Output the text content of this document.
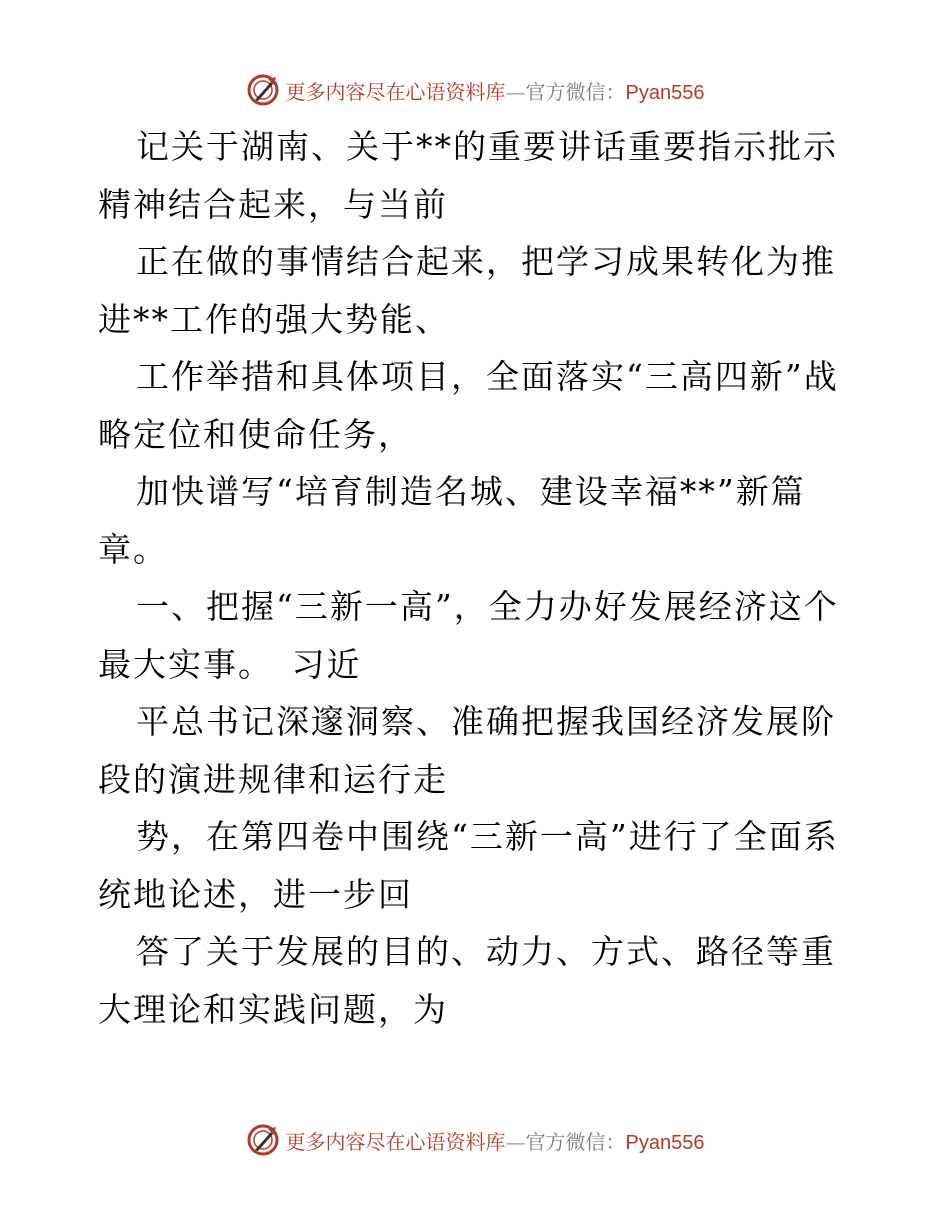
更多内容尽在心语资料库 — 官方微信： Pyan556

记关于湖南、关于**的重要讲话重要指示批示精神结合起来，与当前

正在做的事情结合起来，把学习成果转化为推进**工作的强大势能、

工作举措和具体项目，全面落实“三高四新”战略定位和使命任务，

加快谱写“培育制造名城、建设幸福**”新篇章。

一、把握“三新一高”，全力办好发展经济这个最大实事。　习近

平总书记深邃洞察、准确把握我国经济发展阶段的演进规律和运行走

势，在第四卷中围绕“三新一高”进行了全面系统地论述，进一步回

答了关于发展的目的、动力、方式、路径等重大理论和实践问题，为

更多内容尽在心语资料库 — 官方微信： Pyan556
